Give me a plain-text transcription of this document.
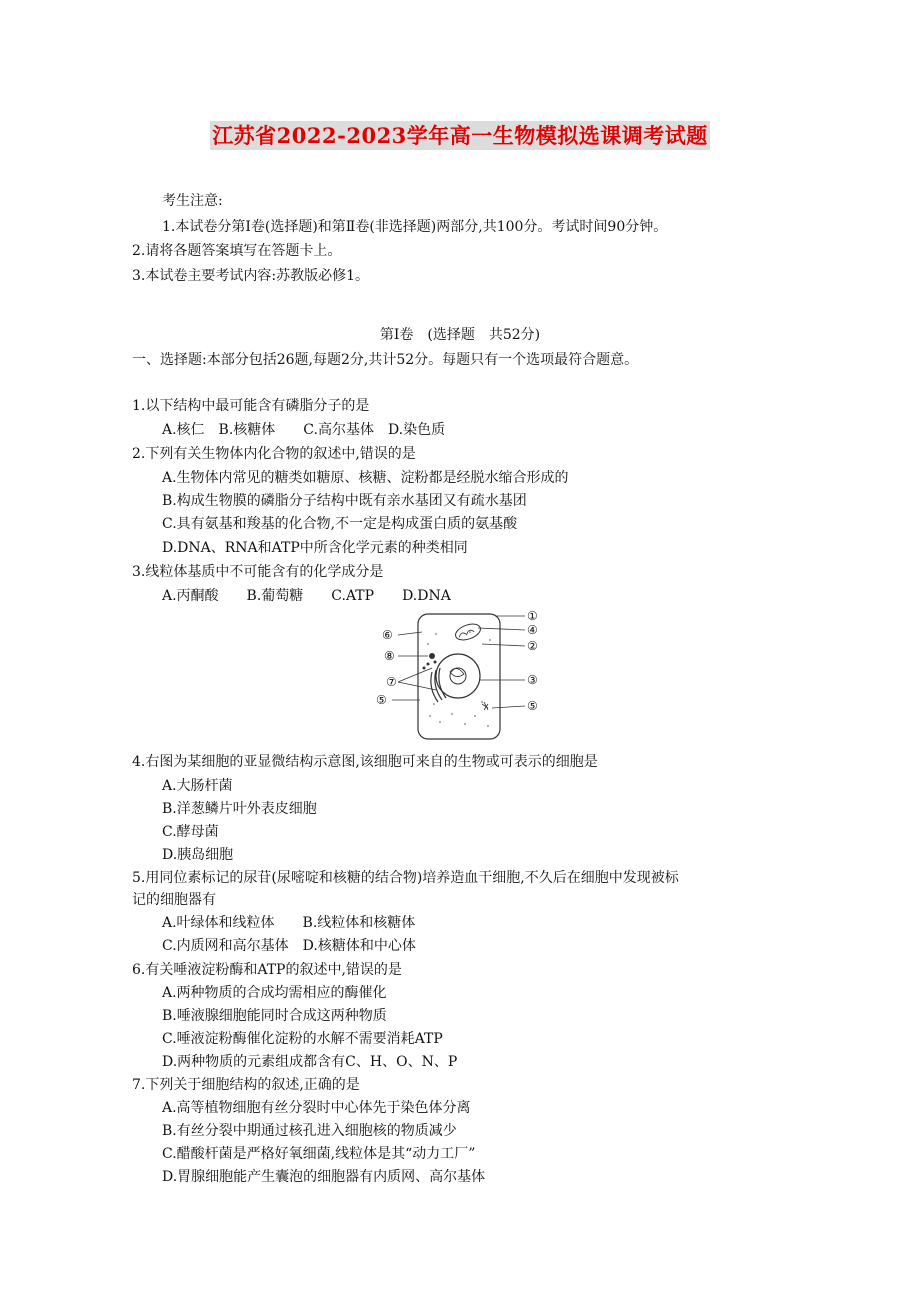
江苏省2022-2023学年高一生物模拟选课调考试题
考生注意:
1.本试卷分第Ⅰ卷(选择题)和第Ⅱ卷(非选择题)两部分,共100分。考试时间90分钟。
2.请将各题答案填写在答题卡上。
3.本试卷主要考试内容:苏教版必修1。
第Ⅰ卷　(选择题　共52分)
一、选择题:本部分包括26题,每题2分,共计52分。每题只有一个选项最符合题意。
1.以下结构中最可能含有磷脂分子的是
A.核仁　B.核糖体　　C.高尔基体　D.染色质
2.下列有关生物体内化合物的叙述中,错误的是
A.生物体内常见的糖类如糖原、核糖、淀粉都是经脱水缩合形成的
B.构成生物膜的磷脂分子结构中既有亲水基团又有疏水基团
C.具有氨基和羧基的化合物,不一定是构成蛋白质的氨基酸
D.DNA、RNA和ATP中所含化学元素的种类相同
3.线粒体基质中不可能含有的化学成分是
A.丙酮酸　　B.葡萄糖　　C.ATP　　D.DNA
①
④
②
⑥
⑧
⑦	③
⑤	⑤
4.右图为某细胞的亚显微结构示意图,该细胞可来自的生物或可表示的细胞是
A.大肠杆菌
B.洋葱鳞片叶外表皮细胞
C.酵母菌
D.胰岛细胞
5.用同位素标记的尿苷(尿嘧啶和核糖的结合物)培养造血干细胞,不久后在细胞中发现被标
记的细胞器有
A.叶绿体和线粒体　　B.线粒体和核糖体
C.内质网和高尔基体　D.核糖体和中心体
6.有关唾液淀粉酶和ATP的叙述中,错误的是
A.两种物质的合成均需相应的酶催化
B.唾液腺细胞能同时合成这两种物质
C.唾液淀粉酶催化淀粉的水解不需要消耗ATP
D.两种物质的元素组成都含有C、H、O、N、P
7.下列关于细胞结构的叙述,正确的是
A.高等植物细胞有丝分裂时中心体先于染色体分离
B.有丝分裂中期通过核孔进入细胞核的物质减少
C.醋酸杆菌是严格好氧细菌,线粒体是其“动力工厂”
D.胃腺细胞能产生囊泡的细胞器有内质网、高尔基体
